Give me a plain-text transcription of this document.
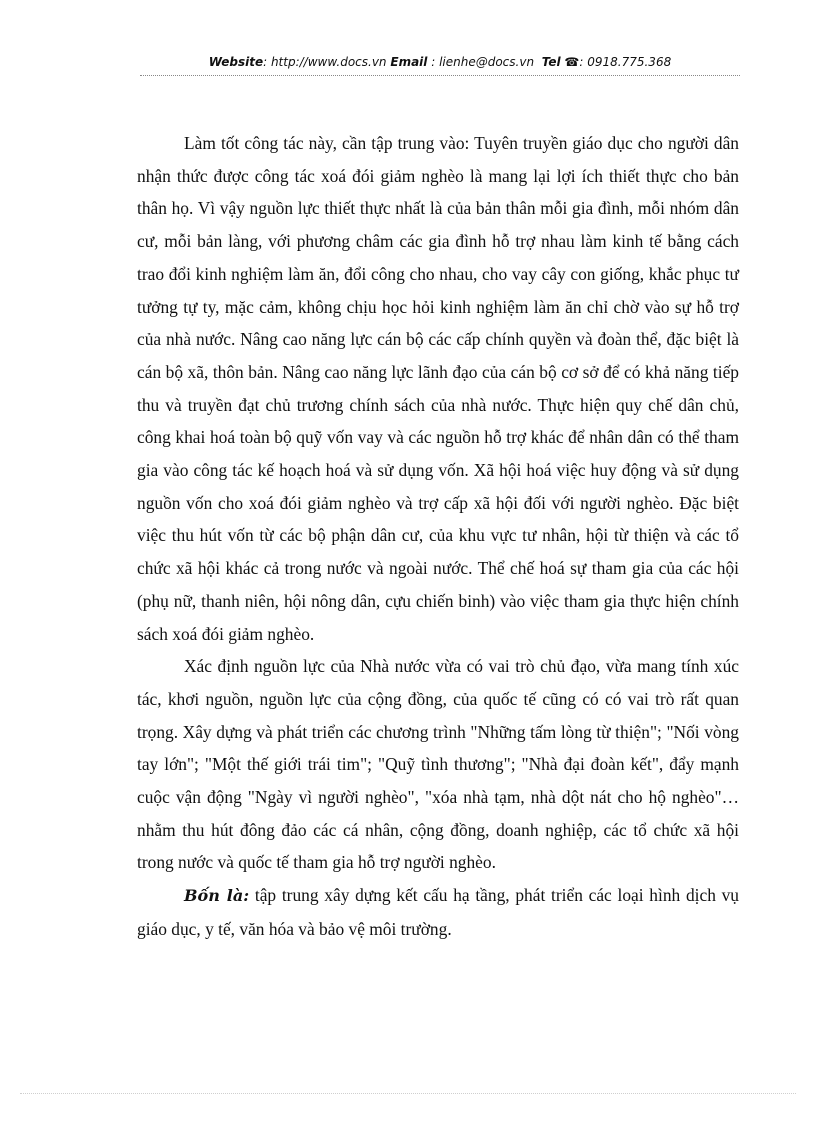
Website: http://www.docs.vn Email : lienhe@docs.vn Tel ☎: 0918.775.368

Làm tốt công tác này, cần tập trung vào: Tuyên truyền giáo dục cho người dân nhận thức được công tác xoá đói giảm nghèo là mang lại lợi ích thiết thực cho bản thân họ. Vì vậy nguồn lực thiết thực nhất là của bản thân mỗi gia đình, mỗi nhóm dân cư, mỗi bản làng, với phương châm các gia đình hỗ trợ nhau làm kinh tế bằng cách trao đổi kinh nghiệm làm ăn, đổi công cho nhau, cho vay cây con giống, khắc phục tư tưởng tự ty, mặc cảm, không chịu học hỏi kinh nghiệm làm ăn chỉ chờ vào sự hỗ trợ của nhà nước. Nâng cao năng lực cán bộ các cấp chính quyền và đoàn thể, đặc biệt là cán bộ xã, thôn bản. Nâng cao năng lực lãnh đạo của cán bộ cơ sở để có khả năng tiếp thu và truyền đạt chủ trương chính sách của nhà nước. Thực hiện quy chế dân chủ, công khai hoá toàn bộ quỹ vốn vay và các nguồn hỗ trợ khác để nhân dân có thể tham gia vào công tác kế hoạch hoá và sử dụng vốn. Xã hội hoá việc huy động và sử dụng nguồn vốn cho xoá đói giảm nghèo và trợ cấp xã hội đối với người nghèo. Đặc biệt việc thu hút vốn từ các bộ phận dân cư, của khu vực tư nhân, hội từ thiện và các tổ chức xã hội khác cả trong nước và ngoài nước. Thể chế hoá sự tham gia của các hội (phụ nữ, thanh niên, hội nông dân, cựu chiến binh) vào việc tham gia thực hiện chính sách xoá đói giảm nghèo.

Xác định nguồn lực của Nhà nước vừa có vai trò chủ đạo, vừa mang tính xúc tác, khơi nguồn, nguồn lực của cộng đồng, của quốc tế cũng có có vai trò rất quan trọng. Xây dựng và phát triển các chương trình "Những tấm lòng từ thiện"; "Nối vòng tay lớn"; "Một thế giới trái tim"; "Quỹ tình thương"; "Nhà đại đoàn kết", đẩy mạnh cuộc vận động "Ngày vì người nghèo", "xóa nhà tạm, nhà dột nát cho hộ nghèo"… nhằm thu hút đông đảo các cá nhân, cộng đồng, doanh nghiệp, các tổ chức xã hội trong nước và quốc tế tham gia hỗ trợ người nghèo.

Bốn là: tập trung xây dựng kết cấu hạ tầng, phát triển các loại hình dịch vụ giáo dục, y tế, văn hóa và bảo vệ môi trường.
